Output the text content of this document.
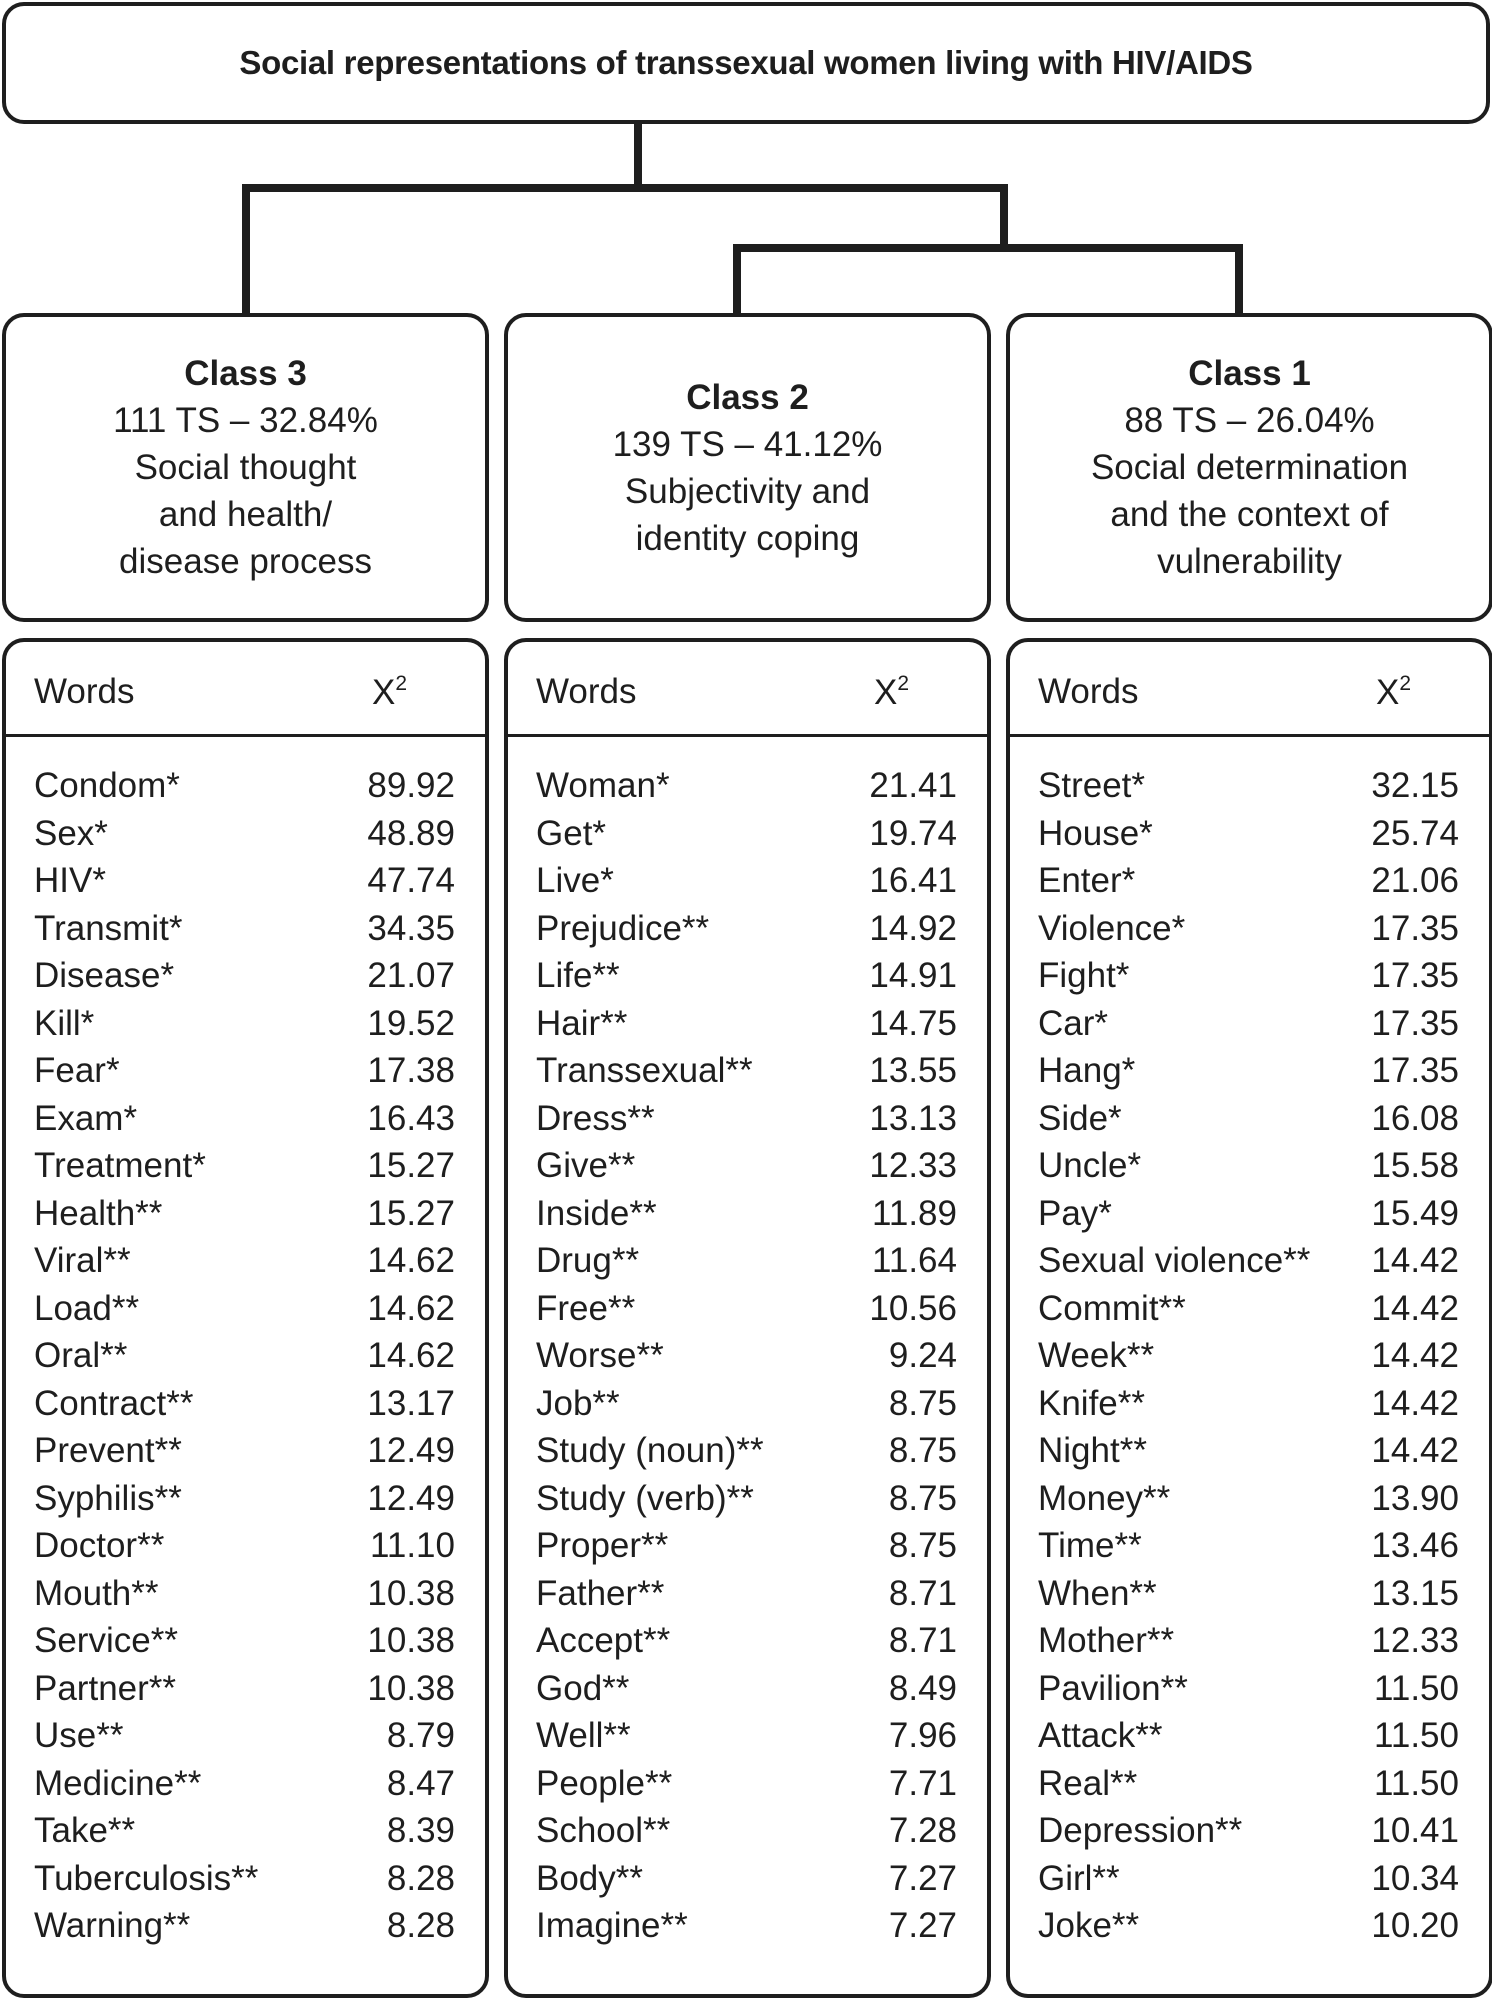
Social representations of transsexual women living with HIV/AIDS
Class 3
111 TS – 32.84%
Social thought
and health/
disease process
Words	$X^2$
Condom*	89.92
Sex*	48.89
HIV*	47.74
Transmit*	34.35
Disease*	21.07
Kill*	19.52
Fear*	17.38
Exam*	16.43
Treatment*	15.27
Health**	15.27
Viral**	14.62
Load**	14.62
Oral**	14.62
Contract**	13.17
Prevent**	12.49
Syphilis**	12.49
Doctor**	11.10
Mouth**	10.38
Service**	10.38
Partner**	10.38
Use**	8.79
Medicine**	8.47
Take**	8.39
Tuberculosis**	8.28
Warning**	8.28
Class 2
139 TS – 41.12%
Subjectivity and
identity coping
Words	$X^2$
Woman*	21.41
Get*	19.74
Live*	16.41
Prejudice**	14.92
Life**	14.91
Hair**	14.75
Transsexual**	13.55
Dress**	13.13
Give**	12.33
Inside**	11.89
Drug**	11.64
Free**	10.56
Worse**	9.24
Job**	8.75
Study (noun)**	8.75
Study (verb)**	8.75
Proper**	8.75
Father**	8.71
Accept**	8.71
God**	8.49
Well**	7.96
People**	7.71
School**	7.28
Body**	7.27
Imagine**	7.27
Class 1
88 TS – 26.04%
Social determination
and the context of
vulnerability
Words	$X^2$
Street*	32.15
House*	25.74
Enter*	21.06
Violence*	17.35
Fight*	17.35
Car*	17.35
Hang*	17.35
Side*	16.08
Uncle*	15.58
Pay*	15.49
Sexual violence** 14.42
Commit**	14.42
Week**	14.42
Knife**	14.42
Night**	14.42
Money**	13.90
Time**	13.46
When**	13.15
Mother**	12.33
Pavilion**	11.50
Attack**	11.50
Real**	11.50
Depression**	10.41
Girl**	10.34
Joke**	10.20
